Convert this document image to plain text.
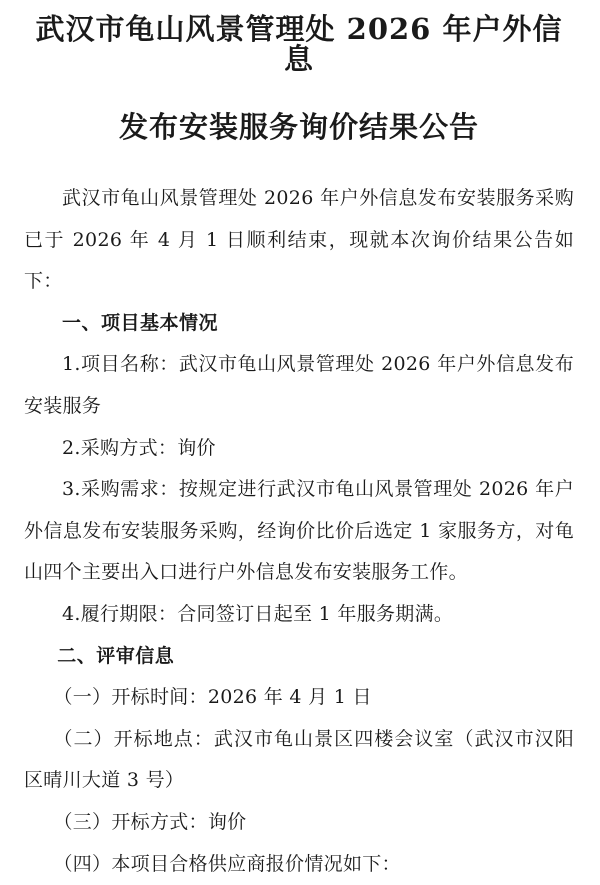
武汉市龟山风景管理处 2026 年户外信息
发布安装服务询价结果公告

武汉市龟山风景管理处 2026 年户外信息发布安装服务采购已于 2026 年 4 月 1 日顺利结束，现就本次询价结果公告如下：

一、项目基本情况

1.项目名称：武汉市龟山风景管理处 2026 年户外信息发布安装服务

2.采购方式：询价

3.采购需求：按规定进行武汉市龟山风景管理处 2026 年户外信息发布安装服务采购，经询价比价后选定 1 家服务方，对龟山四个主要出入口进行户外信息发布安装服务工作。

4.履行期限：合同签订日起至 1 年服务期满。

二、评审信息

（一）开标时间：2026 年 4 月 1 日

（二）开标地点：武汉市龟山景区四楼会议室（武汉市汉阳区晴川大道 3 号）

（三）开标方式：询价

（四）本项目合格供应商报价情况如下：
